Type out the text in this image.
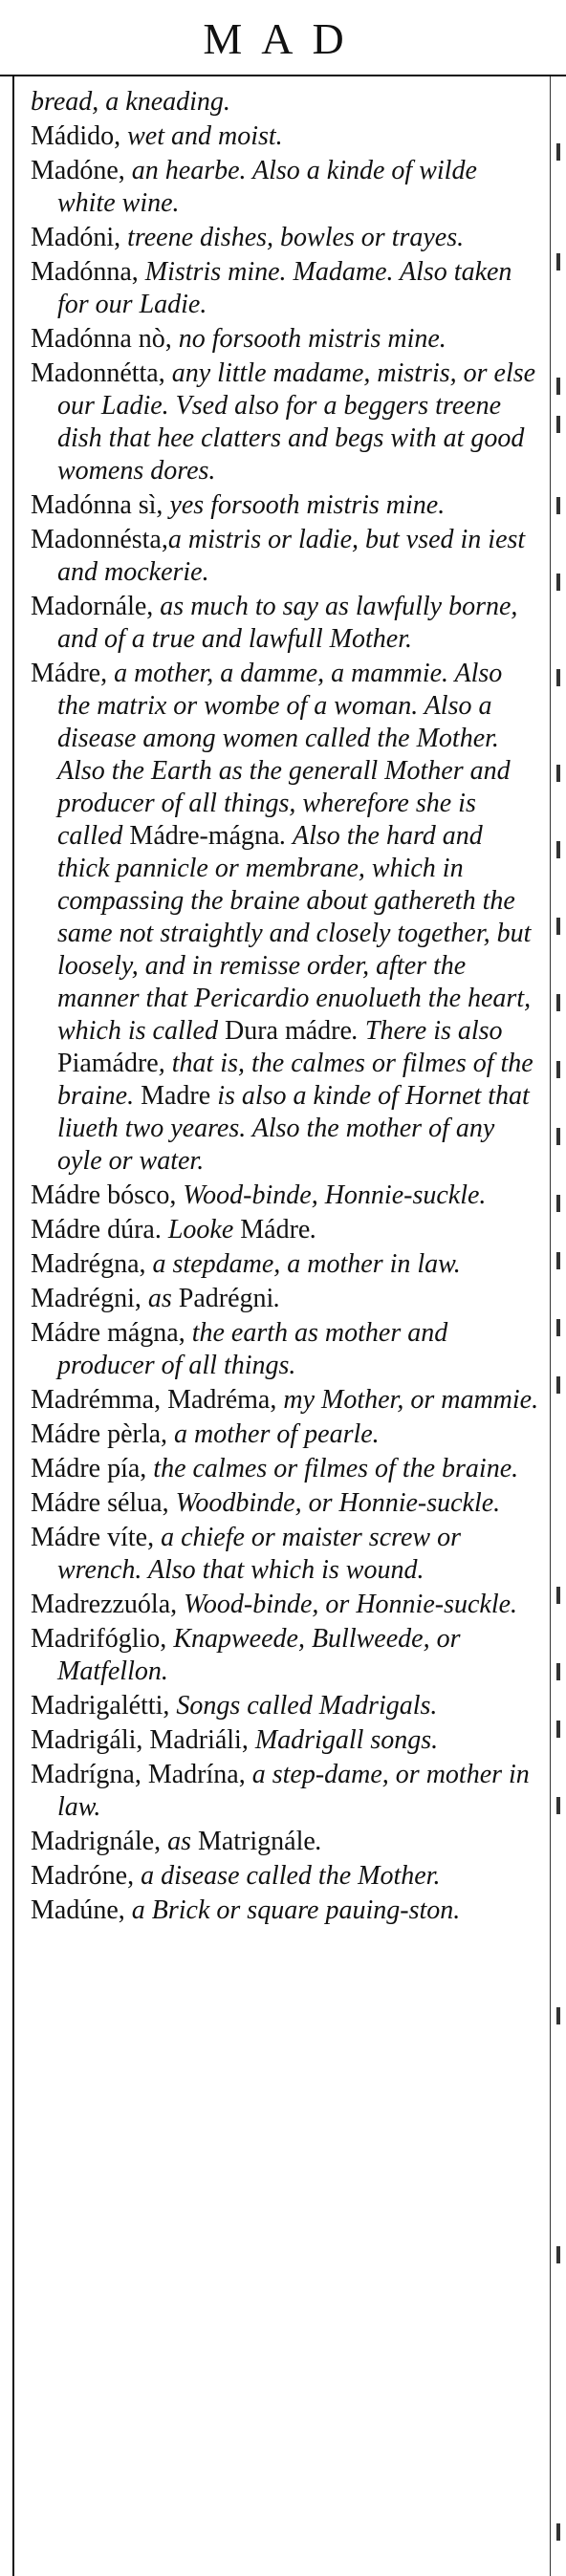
MAD
bread, a kneading.
Mádido, wet and moist.
Madóne, an hearbe. Also a kinde of wilde white wine.
Madóni, treene dishes, bowles or trayes.
Madónna, Mistris mine. Madame. Also taken for our Ladie.
Madónna nò, no forsooth mistris mine.
Madonnétta, any little madame, mistris, or else our Ladie. Vsed also for a beggers treene dish that hee clatters and begs with at good womens dores.
Madónna sì, yes forsooth mistris mine.
Madonnésta,a mistris or ladie, but vsed in iest and mockerie.
Madornále, as much to say as lawfully borne, and of a true and lawfull Mother.
Mádre, a mother, a damme, a mammie. Also the matrix or wombe of a woman. Also a disease among women called the Mother. Also the Earth as the generall Mother and producer of all things, wherefore she is called Mádre-mágna. Also the hard and thick pannicle or membrane, which in compassing the braine about gathereth the same not straightly and closely together, but loosely, and in remisse order, after the manner that Pericardio enuolueth the heart, which is called Dura mádre. There is also Piamádre, that is, the calmes or filmes of the braine. Madre is also a kinde of Hornet that liueth two yeares. Also the mother of any oyle or water.
Mádre bósco, Wood-binde, Honnie-suckle.
Mádre dúra. Looke Mádre.
Madrégna, a stepdame, a mother in law.
Madrégni, as Padrégni.
Mádre mágna, the earth as mother and producer of all things.
Madrémma, Madréma, my Mother, or mammie.
Mádre pèrla, a mother of pearle.
Mádre pía, the calmes or filmes of the braine.
Mádre sélua, Woodbinde, or Honnie-suckle.
Mádre víte, a chiefe or maister screw or wrench. Also that which is wound.
Madrezzuóla, Wood-binde, or Honnie-suckle.
Madrifóglio, Knapweede, Bullweede, or Matfellon.
Madrigalétti, Songs called Madrigals.
Madrigáli, Madriáli, Madrigall songs.
Madrígna, Madrína, a step-dame, or mother in law.
Madrignále, as Matrignále.
Madróne, a disease called the Mother.
Madúne, a Brick or square pauing-ston.
